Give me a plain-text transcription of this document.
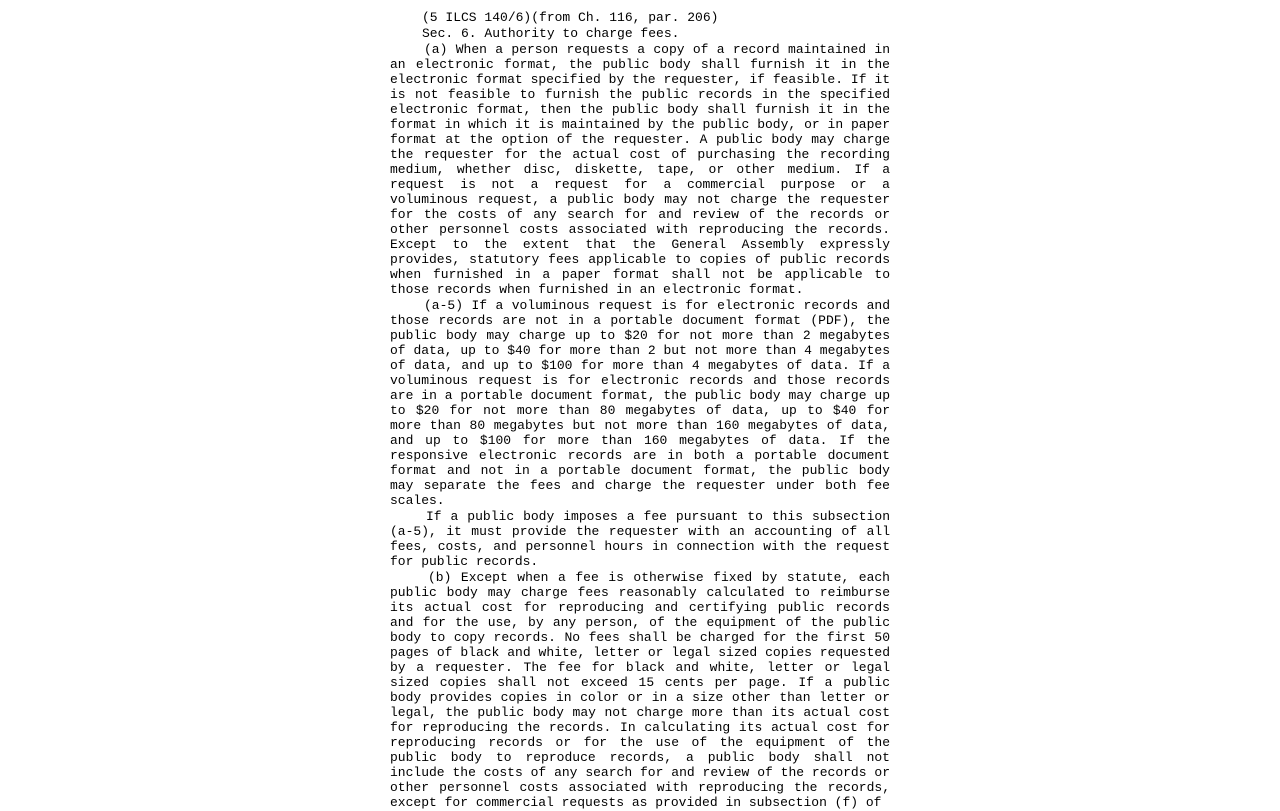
(5 ILCS 140/6)(from Ch. 116, par. 206)
Sec. 6. Authority to charge fees.

(a) When a person requests a copy of a record maintained in an electronic format, the public body shall furnish it in the electronic format specified by the requester, if feasible. If it is not feasible to furnish the public records in the specified electronic format, then the public body shall furnish it in the format in which it is maintained by the public body, or in paper format at the option of the requester. A public body may charge the requester for the actual cost of purchasing the recording medium, whether disc, diskette, tape, or other medium. If a request is not a request for a commercial purpose or a voluminous request, a public body may not charge the requester for the costs of any search for and review of the records or other personnel costs associated with reproducing the records. Except to the extent that the General Assembly expressly provides, statutory fees applicable to copies of public records when furnished in a paper format shall not be applicable to those records when furnished in an electronic format.

(a-5) If a voluminous request is for electronic records and those records are not in a portable document format (PDF), the public body may charge up to $20 for not more than 2 megabytes of data, up to $40 for more than 2 but not more than 4 megabytes of data, and up to $100 for more than 4 megabytes of data. If a voluminous request is for electronic records and those records are in a portable document format, the public body may charge up to $20 for not more than 80 megabytes of data, up to $40 for more than 80 megabytes but not more than 160 megabytes of data, and up to $100 for more than 160 megabytes of data. If the responsive electronic records are in both a portable document format and not in a portable document format, the public body may separate the fees and charge the requester under both fee scales.

If a public body imposes a fee pursuant to this subsection (a-5), it must provide the requester with an accounting of all fees, costs, and personnel hours in connection with the request for public records.

(b) Except when a fee is otherwise fixed by statute, each public body may charge fees reasonably calculated to reimburse its actual cost for reproducing and certifying public records and for the use, by any person, of the equipment of the public body to copy records. No fees shall be charged for the first 50 pages of black and white, letter or legal sized copies requested by a requester. The fee for black and white, letter or legal sized copies shall not exceed 15 cents per page. If a public body provides copies in color or in a size other than letter or legal, the public body may not charge more than its actual cost for reproducing the records. In calculating its actual cost for reproducing records or for the use of the equipment of the public body to reproduce records, a public body shall not include the costs of any search for and review of the records or other personnel costs associated with reproducing the records, except for commercial requests as provided in subsection (f) of
